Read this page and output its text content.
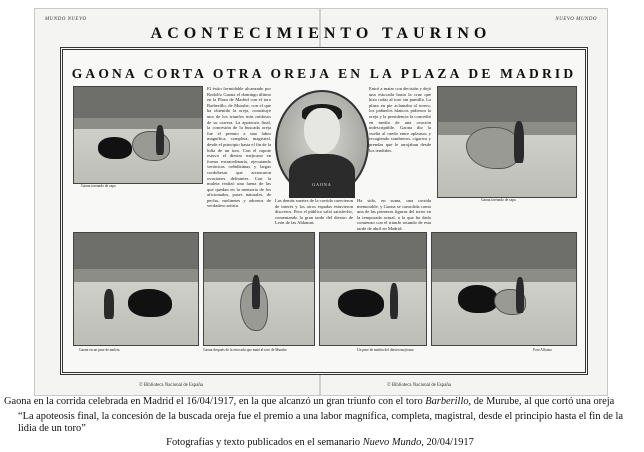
MUNDO NUEVO	NUEVO MUNDO
ACONTECIMIENTO TAURINO
GAONA CORTA OTRA OREJA EN LA PLAZA DE MADRID
Gaona toreando de capa
El éxito formidable alcanzado por Rodolfo Gaona el domingo último en la Plaza de Madrid con el toro Barberillo, de Murube, con el que ha obtenido la oreja, constituye uno de los triunfos más ruidosos de su carrera. La apoteosis final, la concesión de la buscada oreja fue el premio a una labor magnífica, completa, magistral, desde el principio hasta el fin de la lidia de un toro. Con el capote estuvo el diestro mejicano en forma extraordinaria, ejecutando verónicas ceñidísimas y largas cordobesas que arrancaron ovaciones delirantes. Con la muleta realizó una faena de las que quedan en la memoria de los aficionados, pases naturales, de pecho, molinetes y adornos de verdadero artista.
Entró a matar con decisión y dejó una estocada hasta la cruz que hizo rodar al toro sin puntilla. La plaza en pie aclamaba al torero, los pañuelos blancos pidieron la oreja y la presidencia la concedió en medio de una ovación indescriptible. Gaona dio la vuelta al ruedo entre aplausos y recogiendo sombreros, cigarros y prendas que le arrojaban desde los tendidos.
Las demás suertes de la corrida carecieron de interés y los otros espadas estuvieron discretos. Pero el público salió satisfecho, comentando la gran tarde del diestro de León de las Aldamas.
Ha sido, en suma, una corrida memorable, y Gaona se consolida como una de las primeras figuras del toreo en la temporada actual, a la que ha dado comienzo con el triunfo rotundo de esta tarde de abril en Madrid.
GAONA
Gaona toreando de capa
Gaona en un pase de muleta	Gaona después de la estocada que mató al toro de Murube	Un pase de muleta del diestro mejicano	Foto Alfonso
© Biblioteca Nacional de España	© Biblioteca Nacional de España
Gaona en la corrida celebrada en Madrid el 16/04/1917, en la que alcanzó un gran triunfo con el toro Barberillo, de Murube, al que cortó una oreja
“La apoteosis final, la concesión de la buscada oreja fue el premio a una labor magnífica, completa, magistral, desde el principio hasta el fin de la lidia de un toro”
Fotografías y texto publicados en el semanario Nuevo Mundo, 20/04/1917
